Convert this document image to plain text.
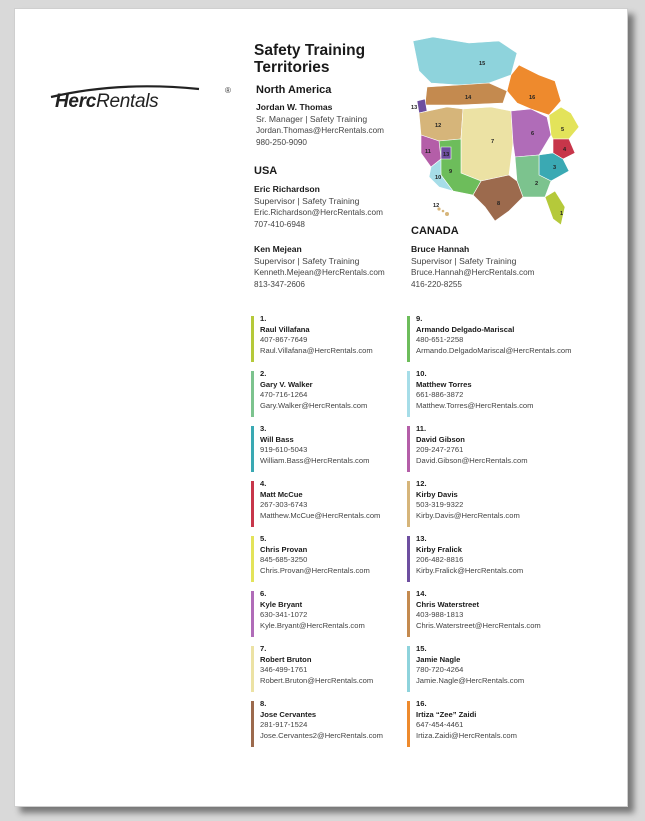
HercRentals
®
Safety Training Territories
North America
Jordan W. Thomas
Sr. Manager | Safety Training
Jordan.Thomas@HercRentals.com
980-250-9090
USA
Eric Richardson
Supervisor | Safety Training
Eric.Richardson@HercRentals.com
707-410-6948
Ken Mejean
Supervisor | Safety Training
Kenneth.Mejean@HercRentals.com
813-347-2606
CANADA
Bruce Hannah
Supervisor | Safety Training
Bruce.Hannah@HercRentals.com
416-220-8255
1
2
3
4
5
6
7
8
9
10
11
12
13
14
15
16
13
12
1.
Raul Villafana
407-867-7649
Raul.Villafana@HercRentals.com
2.
Gary V. Walker
470-716-1264
Gary.Walker@HercRentals.com
3.
Will Bass
919-610-5043
William.Bass@HercRentals.com
4.
Matt McCue
267-303-6743
Matthew.McCue@HercRentals.com
5.
Chris Provan
845-685-3250
Chris.Provan@HercRentals.com
6.
Kyle Bryant
630-341-1072
Kyle.Bryant@HercRentals.com
7.
Robert Bruton
346-499-1761
Robert.Bruton@HercRentals.com
8.
Jose Cervantes
281-917-1524
Jose.Cervantes2@HercRentals.com
9.
Armando Delgado-Mariscal
480-651-2258
Armando.DelgadoMariscal@HercRentals.com
10.
Matthew Torres
661-886-3872
Matthew.Torres@HercRentals.com
11.
David Gibson
209-247-2761
David.Gibson@HercRentals.com
12.
Kirby Davis
503-319-9322
Kirby.Davis@HercRentals.com
13.
Kirby Fralick
206-482-8816
Kirby.Fralick@HercRentals.com
14.
Chris Waterstreet
403-988-1813
Chris.Waterstreet@HercRentals.com
15.
Jamie Nagle
780-720-4264
Jamie.Nagle@HercRentals.com
16.
Irtiza “Zee” Zaidi
647-454-4461
Irtiza.Zaidi@HercRentals.com
